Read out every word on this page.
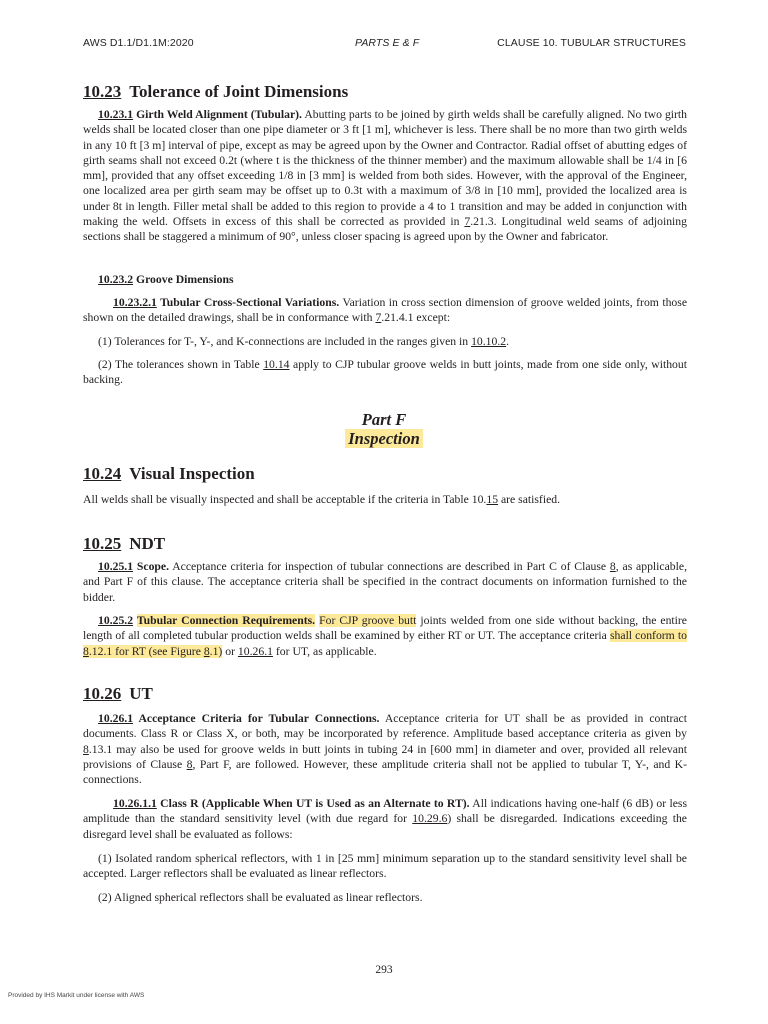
AWS D1.1/D1.1M:2020	PARTS E & F	CLAUSE 10. TUBULAR STRUCTURES
10.23 Tolerance of Joint Dimensions
10.23.1 Girth Weld Alignment (Tubular). Abutting parts to be joined by girth welds shall be carefully aligned. No two girth welds shall be located closer than one pipe diameter or 3 ft [1 m], whichever is less. There shall be no more than two girth welds in any 10 ft [3 m] interval of pipe, except as may be agreed upon by the Owner and Contractor. Radial offset of abutting edges of girth seams shall not exceed 0.2t (where t is the thickness of the thinner member) and the maximum allowable shall be 1/4 in [6 mm], provided that any offset exceeding 1/8 in [3 mm] is welded from both sides. However, with the approval of the Engineer, one localized area per girth seam may be offset up to 0.3t with a maximum of 3/8 in [10 mm], provided the localized area is under 8t in length. Filler metal shall be added to this region to provide a 4 to 1 transition and may be added in conjunction with making the weld. Offsets in excess of this shall be corrected as provided in 7.21.3. Longitudinal weld seams of adjoining sections shall be staggered a minimum of 90°, unless closer spacing is agreed upon by the Owner and fabricator.
10.23.2 Groove Dimensions
10.23.2.1 Tubular Cross-Sectional Variations. Variation in cross section dimension of groove welded joints, from those shown on the detailed drawings, shall be in conformance with 7.21.4.1 except:
(1) Tolerances for T-, Y-, and K-connections are included in the ranges given in 10.10.2.
(2) The tolerances shown in Table 10.14 apply to CJP tubular groove welds in butt joints, made from one side only, without backing.
Part F
Inspection
10.24 Visual Inspection
All welds shall be visually inspected and shall be acceptable if the criteria in Table 10.15 are satisfied.
10.25 NDT
10.25.1 Scope. Acceptance criteria for inspection of tubular connections are described in Part C of Clause 8, as applicable, and Part F of this clause. The acceptance criteria shall be specified in the contract documents on information furnished to the bidder.
10.25.2 Tubular Connection Requirements. For CJP groove butt joints welded from one side without backing, the entire length of all completed tubular production welds shall be examined by either RT or UT. The acceptance criteria shall conform to 8.12.1 for RT (see Figure 8.1) or 10.26.1 for UT, as applicable.
10.26 UT
10.26.1 Acceptance Criteria for Tubular Connections. Acceptance criteria for UT shall be as provided in contract documents. Class R or Class X, or both, may be incorporated by reference. Amplitude based acceptance criteria as given by 8.13.1 may also be used for groove welds in butt joints in tubing 24 in [600 mm] in diameter and over, provided all relevant provisions of Clause 8, Part F, are followed. However, these amplitude criteria shall not be applied to tubular T, Y-, and K-connections.
10.26.1.1 Class R (Applicable When UT is Used as an Alternate to RT). All indications having one-half (6 dB) or less amplitude than the standard sensitivity level (with due regard for 10.29.6) shall be disregarded. Indications exceeding the disregard level shall be evaluated as follows:
(1) Isolated random spherical reflectors, with 1 in [25 mm] minimum separation up to the standard sensitivity level shall be accepted. Larger reflectors shall be evaluated as linear reflectors.
(2) Aligned spherical reflectors shall be evaluated as linear reflectors.
293
Provided by IHS Markit under license with AWS
